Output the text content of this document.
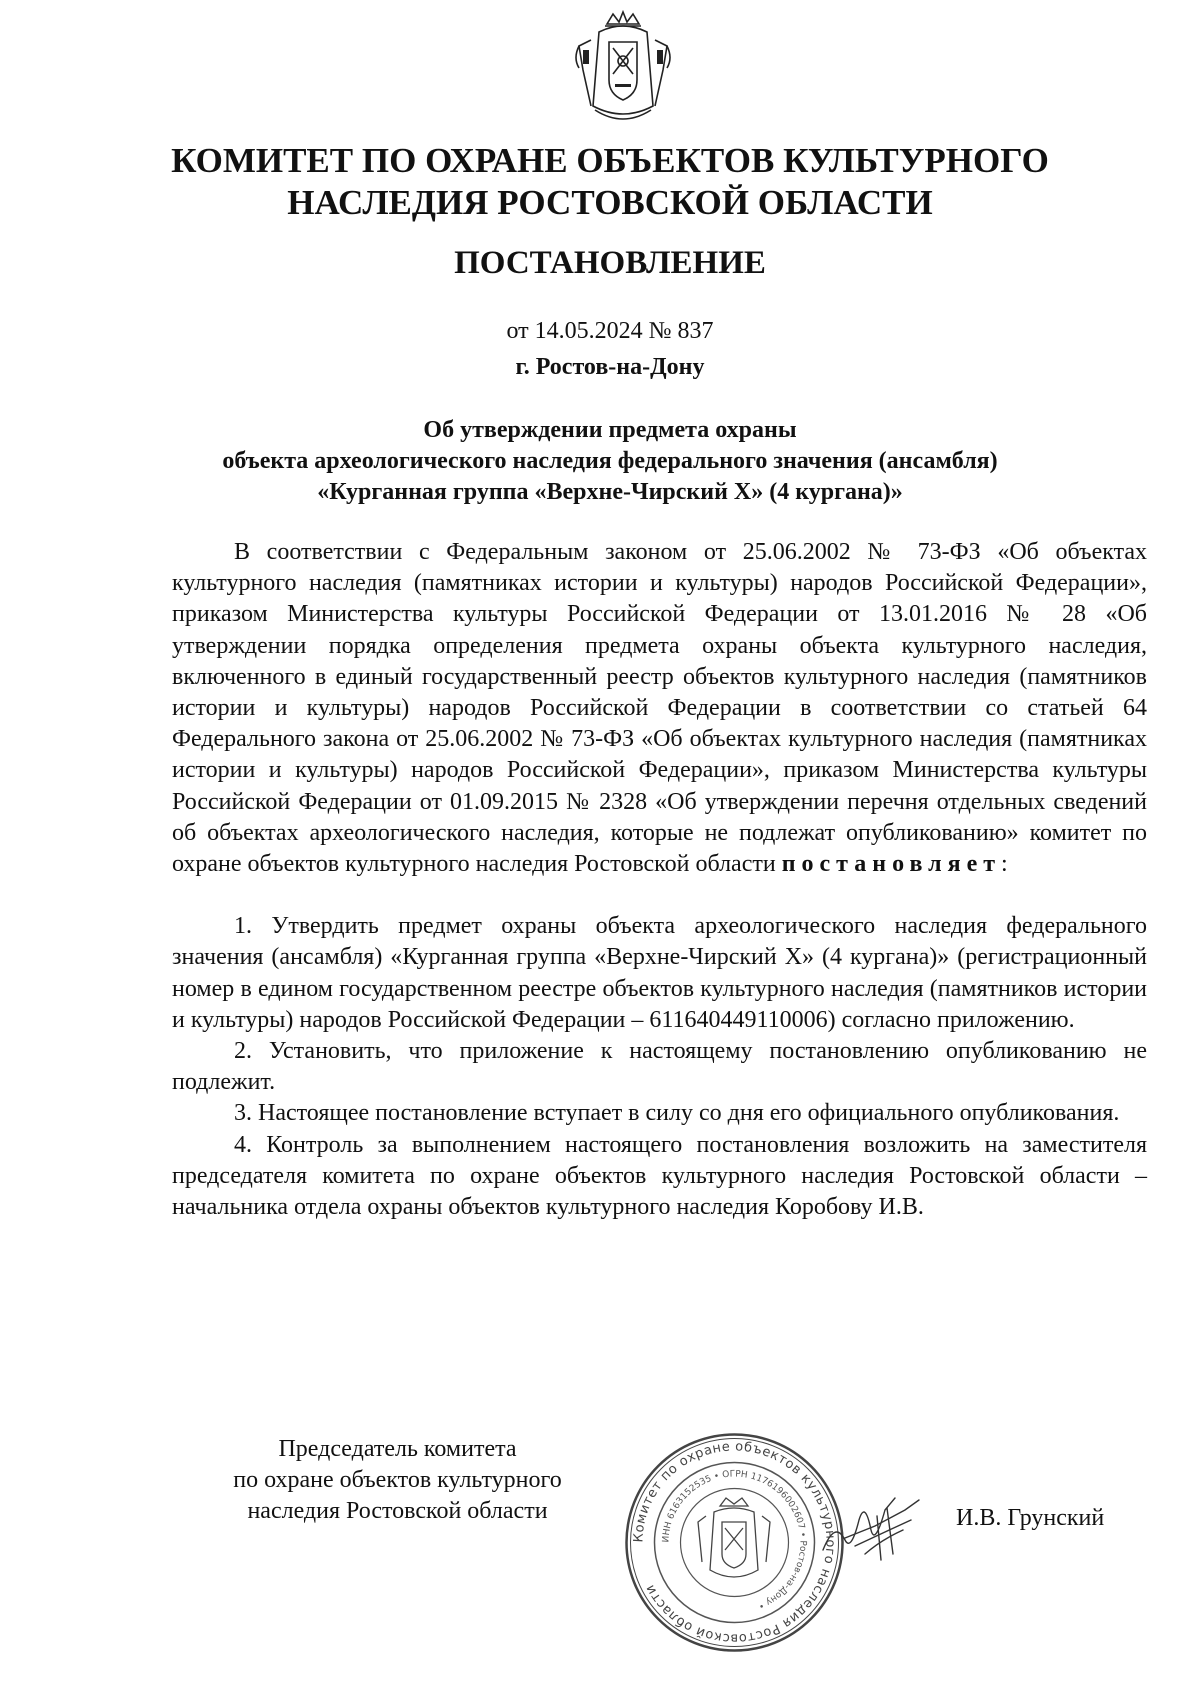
КОМИТЕТ ПО ОХРАНЕ ОБЪЕКТОВ КУЛЬТУРНОГО
НАСЛЕДИЯ РОСТОВСКОЙ ОБЛАСТИ
ПОСТАНОВЛЕНИЕ
от 14.05.2024 № 837
г. Ростов-на-Дону
Об утверждении предмета охраны
объекта археологического наследия федерального значения (ансамбля)
«Курганная группа «Верхне-Чирский Х» (4 кургана)»

В соответствии с Федеральным законом от 25.06.2002 № 73-ФЗ «Об объектах культурного наследия (памятниках истории и культуры) народов Российской Федерации», приказом Министерства культуры Российской Федерации от 13.01.2016 № 28 «Об утверждении порядка определения предмета охраны объекта культурного наследия, включенного в единый государственный реестр объектов культурного наследия (памятников истории и культуры) народов Российской Федерации в соответствии со статьей 64 Федерального закона от 25.06.2002 № 73-ФЗ «Об объектах культурного наследия (памятниках истории и культуры) народов Российской Федерации», приказом Министерства культуры Российской Федерации от 01.09.2015 № 2328 «Об утверждении перечня отдельных сведений об объектах археологического наследия, которые не подлежат опубликованию» комитет по охране объектов культурного наследия Ростовской области постановляет:

1. Утвердить предмет охраны объекта археологического наследия федерального значения (ансамбля) «Курганная группа «Верхне-Чирский Х» (4 кургана)» (регистрационный номер в едином государственном реестре объектов культурного наследия (памятников истории и культуры) народов Российской Федерации – 611640449110006) согласно приложению.

2. Установить, что приложение к настоящему постановлению опубликованию не подлежит.

3. Настоящее постановление вступает в силу со дня его официального опубликования.

4. Контроль за выполнением настоящего постановления возложить на заместителя председателя комитета по охране объектов культурного наследия Ростовской области – начальника отдела охраны объектов культурного наследия Коробову И.В.

Председатель комитета
по охране объектов культурного
наследия Ростовской области
Комитет по охране объектов культурного наследия Ростовской области
ИНН 6163152535 • ОГРН 1176196002607 • Ростов-на-Дону •
И.В. Грунский
